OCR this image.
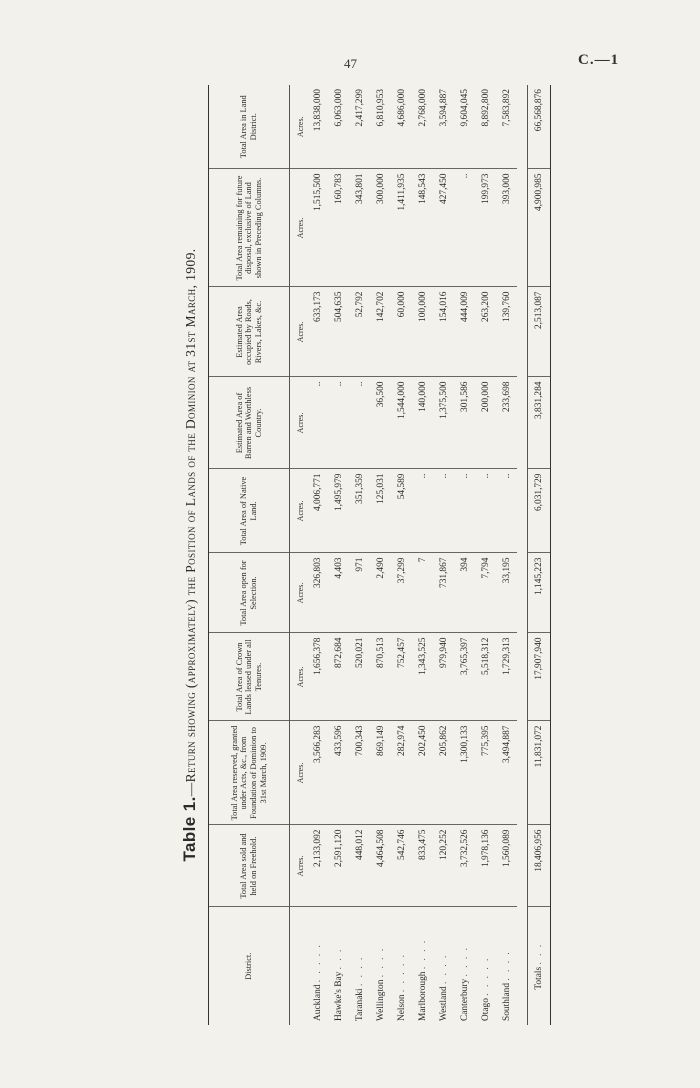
47	C.—1
Table 1.—Return showing (approximately) the Position of Lands of the Dominion at 31st March, 1909.
District.	Total Area sold and held on Freehold.	Total Area reserved, granted under Acts, &c., from Foundation of Dominion to 31st March, 1909.	Total Area of Crown Lands leased under all Tenures.	Total Area open for Selection.	Total Area of Native Land.	Estimated Area of Barren and Worthless Country.	Estimated Area occupied by Roads, Rivers, Lakes, &c.	Total Area remaining for future disposal, exclusive of Land shown in Preceding Columns.	Total Area in Land District.
	Acres.	Acres.	Acres.	Acres.	Acres.	Acres.	Acres.	Acres.	Acres.
Auckland . . . . .	2,133,092	3,566,283	1,656,378	326,803	4,006,771	..	633,173	1,515,500	13,838,000
Hawke's Bay . . .	2,591,120	433,596	872,684	4,403	1,495,979	..	504,635	160,783	6,063,000
Taranaki . . . .	448,012	700,343	520,021	971	351,359	..	52,792	343,801	2,417,299
Wellington . . . .	4,464,508	869,149	870,513	2,490	125,031	36,500	142,702	300,000	6,810,953
Nelson . . . . .	542,746	282,974	752,457	37,299	54,589	1,544,000	60,000	1,411,935	4,686,000
Marlborough . . . .	833,475	202,450	1,343,525	7	..	140,000	100,000	148,543	2,768,000
Westland . . . .	120,252	205,862	979,940	731,867	..	1,375,500	154,016	427,450	3,594,887
Canterbury . . . .	3,732,526	1,300,133	3,765,397	394	..	301,586	444,009	..	9,604,045
Otago . . . . .	1,978,136	775,395	5,518,312	7,794	..	200,000	263,200	199,973	8,892,800
Southland . . . .	1,560,089	3,494,887	1,729,313	33,195	..	233,698	139,760	393,000	7,583,892

Totals . . .	18,406,956	11,831,072	17,907,940	1,145,223	6,031,729	3,831,284	2,513,087	4,900,985	66,568,876
